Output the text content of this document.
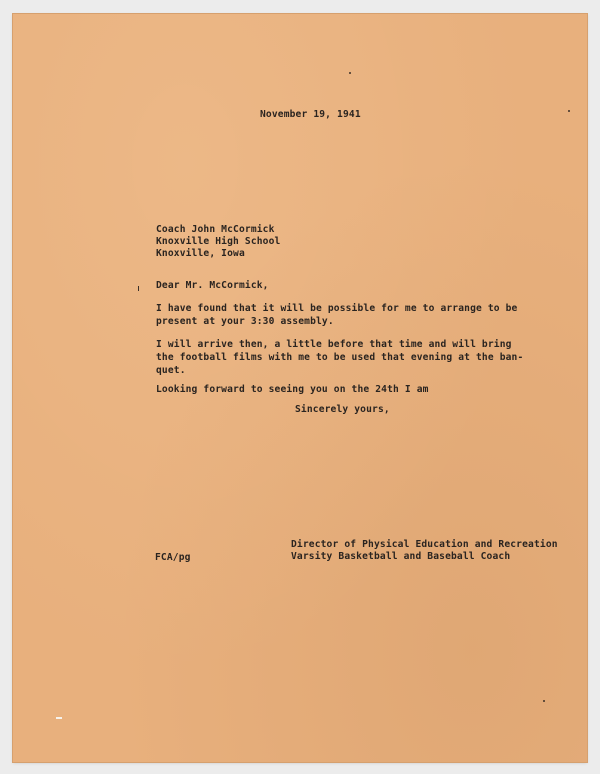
November 19, 1941
Coach John McCormick
Knoxville High School
Knoxville, Iowa
Dear Mr. McCormick,
I have found that it will be possible for me to arrange to be
present at your 3:30 assembly.
I will arrive then, a little before that time and will bring
the football films with me to be used that evening at the ban-
quet.
Looking forward to seeing you on the 24th I am
Sincerely yours,
FCA/pg
Director of Physical Education and Recreation
Varsity Basketball and Baseball Coach
